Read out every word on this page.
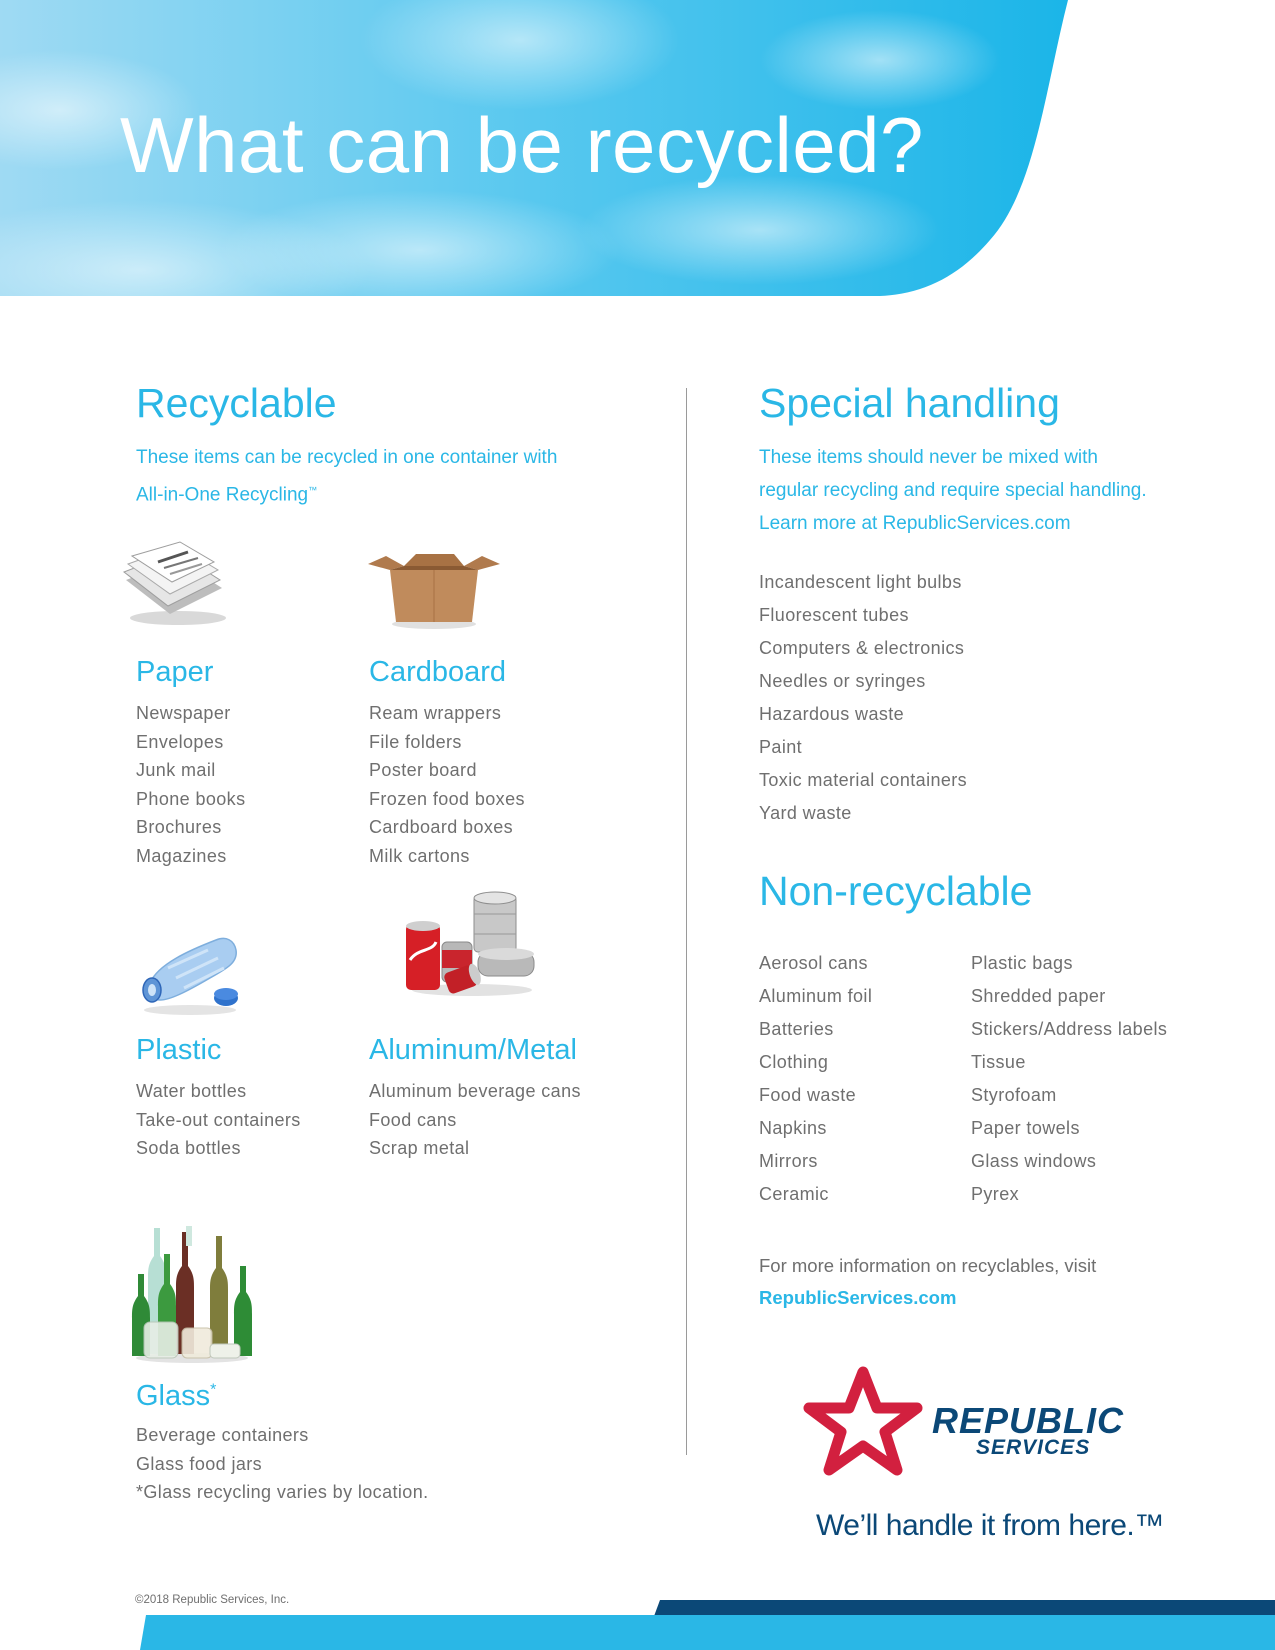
What can be recycled?
Recyclable
These items can be recycled in one container with
All-in-One Recycling™
Paper
Newspaper
Envelopes
Junk mail
Phone books
Brochures
Magazines
Cardboard
Ream wrappers
File folders
Poster board
Frozen food boxes
Cardboard boxes
Milk cartons
Plastic
Water bottles
Take-out containers
Soda bottles
Aluminum/Metal
Aluminum beverage cans
Food cans
Scrap metal
Glass*
Beverage containers
Glass food jars
*Glass recycling varies by location.
Special handling
These items should never be mixed with
regular recycling and require special handling.
Learn more at RepublicServices.com
Incandescent light bulbs
Fluorescent tubes
Computers & electronics
Needles or syringes
Hazardous waste
Paint
Toxic material containers
Yard waste
Non-recyclable
Aerosol cans
Aluminum foil
Batteries
Clothing
Food waste
Napkins
Mirrors
Ceramic
Plastic bags
Shredded paper
Stickers/Address labels
Tissue
Styrofoam
Paper towels
Glass windows
Pyrex
For more information on recyclables, visit
RepublicServices.com
REPUBLIC
SERVICES
We’ll handle it from here.™
©2018 Republic Services, Inc.
